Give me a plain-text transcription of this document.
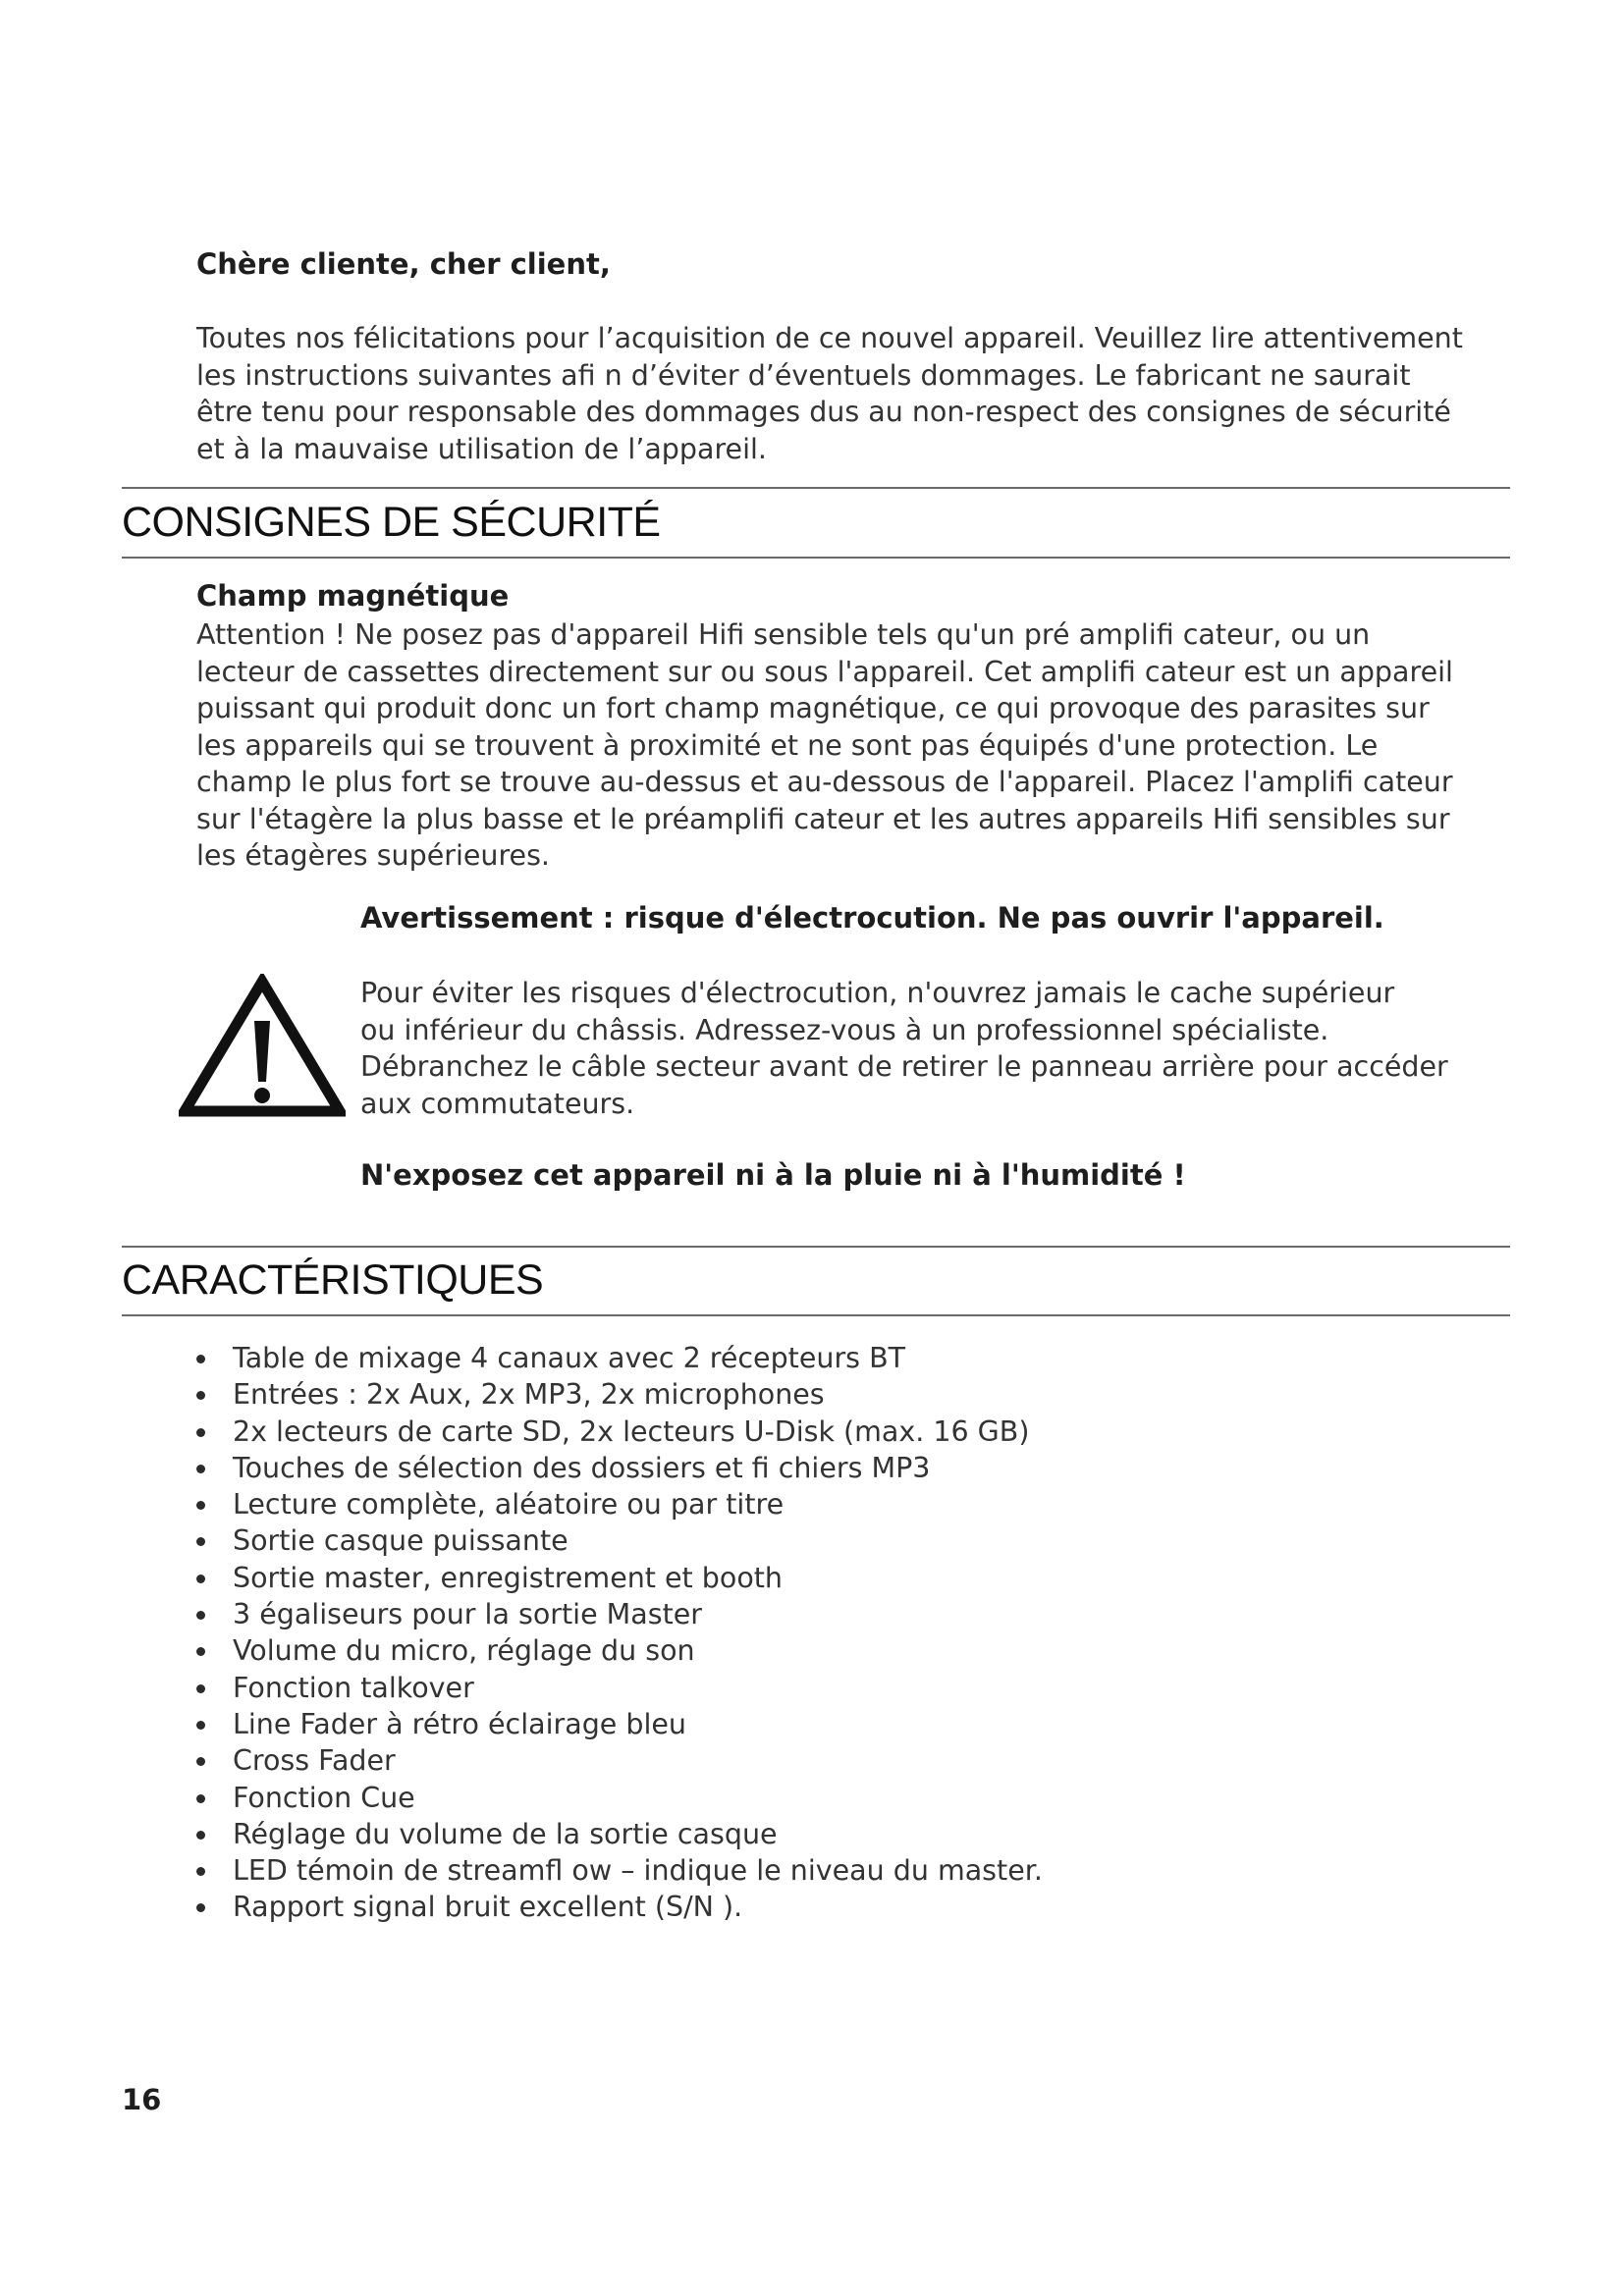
Chère cliente, cher client,
Toutes nos félicitations pour l’acquisition de ce nouvel appareil. Veuillez lire attentivement
les instructions suivantes afi n d’éviter d’éventuels dommages. Le fabricant ne saurait
être tenu pour responsable des dommages dus au non-respect des consignes de sécurité
et à la mauvaise utilisation de l’appareil.
CONSIGNES DE SÉCURITÉ
Champ magnétique
Attention ! Ne posez pas d'appareil Hifi sensible tels qu'un pré amplifi cateur, ou un
lecteur de cassettes directement sur ou sous l'appareil. Cet amplifi cateur est un appareil
puissant qui produit donc un fort champ magnétique, ce qui provoque des parasites sur
les appareils qui se trouvent à proximité et ne sont pas équipés d'une protection. Le
champ le plus fort se trouve au-dessus et au-dessous de l'appareil. Placez l'amplifi cateur
sur l'étagère la plus basse et le préamplifi cateur et les autres appareils Hifi sensibles sur
les étagères supérieures.
Avertissement : risque d'électrocution. Ne pas ouvrir l'appareil.
Pour éviter les risques d'électrocution, n'ouvrez jamais le cache supérieur
ou inférieur du châssis. Adressez-vous à un professionnel spécialiste.
Débranchez le câble secteur avant de retirer le panneau arrière pour accéder
aux commutateurs.
N'exposez cet appareil ni à la pluie ni à l'humidité !
CARACTÉRISTIQUES
Table de mixage 4 canaux avec 2 récepteurs BT
Entrées : 2x Aux, 2x MP3, 2x microphones
2x lecteurs de carte SD, 2x lecteurs U-Disk (max. 16 GB)
Touches de sélection des dossiers et fi chiers MP3
Lecture complète, aléatoire ou par titre
Sortie casque puissante
Sortie master, enregistrement et booth
3 égaliseurs pour la sortie Master
Volume du micro, réglage du son
Fonction talkover
Line Fader à rétro éclairage bleu
Cross Fader
Fonction Cue
Réglage du volume de la sortie casque
LED témoin de streamfl ow – indique le niveau du master.
Rapport signal bruit excellent (S/N ).
16
